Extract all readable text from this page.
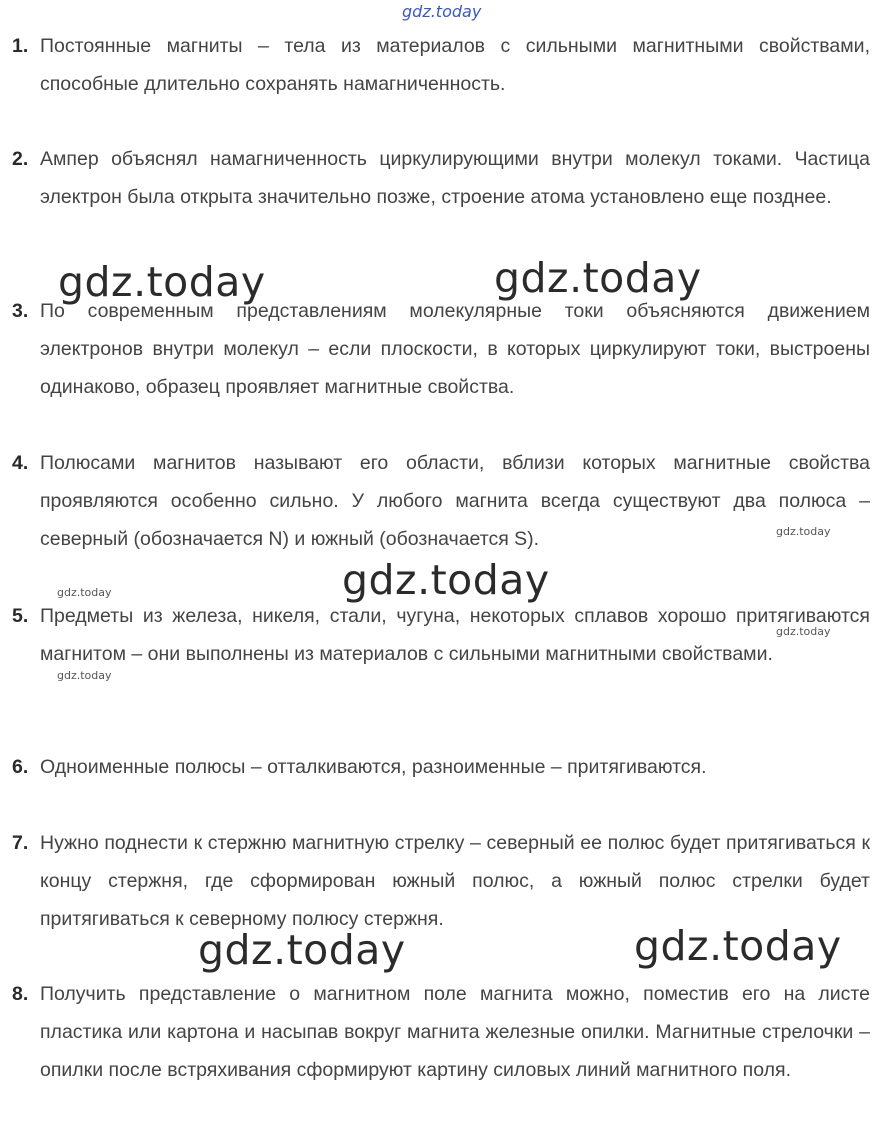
gdz.today
1. Постоянные магниты – тела из материалов с сильными магнитными свойствами, способные длительно сохранять намагниченность.
2. Ампер объяснял намагниченность циркулирующими внутри молекул токами. Частица электрон была открыта значительно позже, строение атома установлено еще позднее.
3. По современным представлениям молекулярные токи объясняются движением электронов внутри молекул – если плоскости, в которых циркулируют токи, выстроены одинаково, образец проявляет магнитные свойства.
4. Полюсами магнитов называют его области, вблизи которых магнитные свойства проявляются особенно сильно. У любого магнита всегда существуют два полюса – северный (обозначается N) и южный (обозначается S).
5. Предметы из железа, никеля, стали, чугуна, некоторых сплавов хорошо притягиваются магнитом – они выполнены из материалов с сильными магнитными свойствами.
6. Одноименные полюсы – отталкиваются, разноименные – притягиваются.
7. Нужно поднести к стержню магнитную стрелку – северный ее полюс будет притягиваться к концу стержня, где сформирован южный полюс, а южный полюс стрелки будет притягиваться к северному полюсу стержня.
8. Получить представление о магнитном поле магнита можно, поместив его на листе пластика или картона и насыпав вокруг магнита железные опилки. Магнитные стрелочки – опилки после встряхивания сформируют картину силовых линий магнитного поля.
gdz.today	gdz.today
gdz.today
gdz.today	gdz.today
gdz.today
gdz.today
gdz.today
gdz.today
